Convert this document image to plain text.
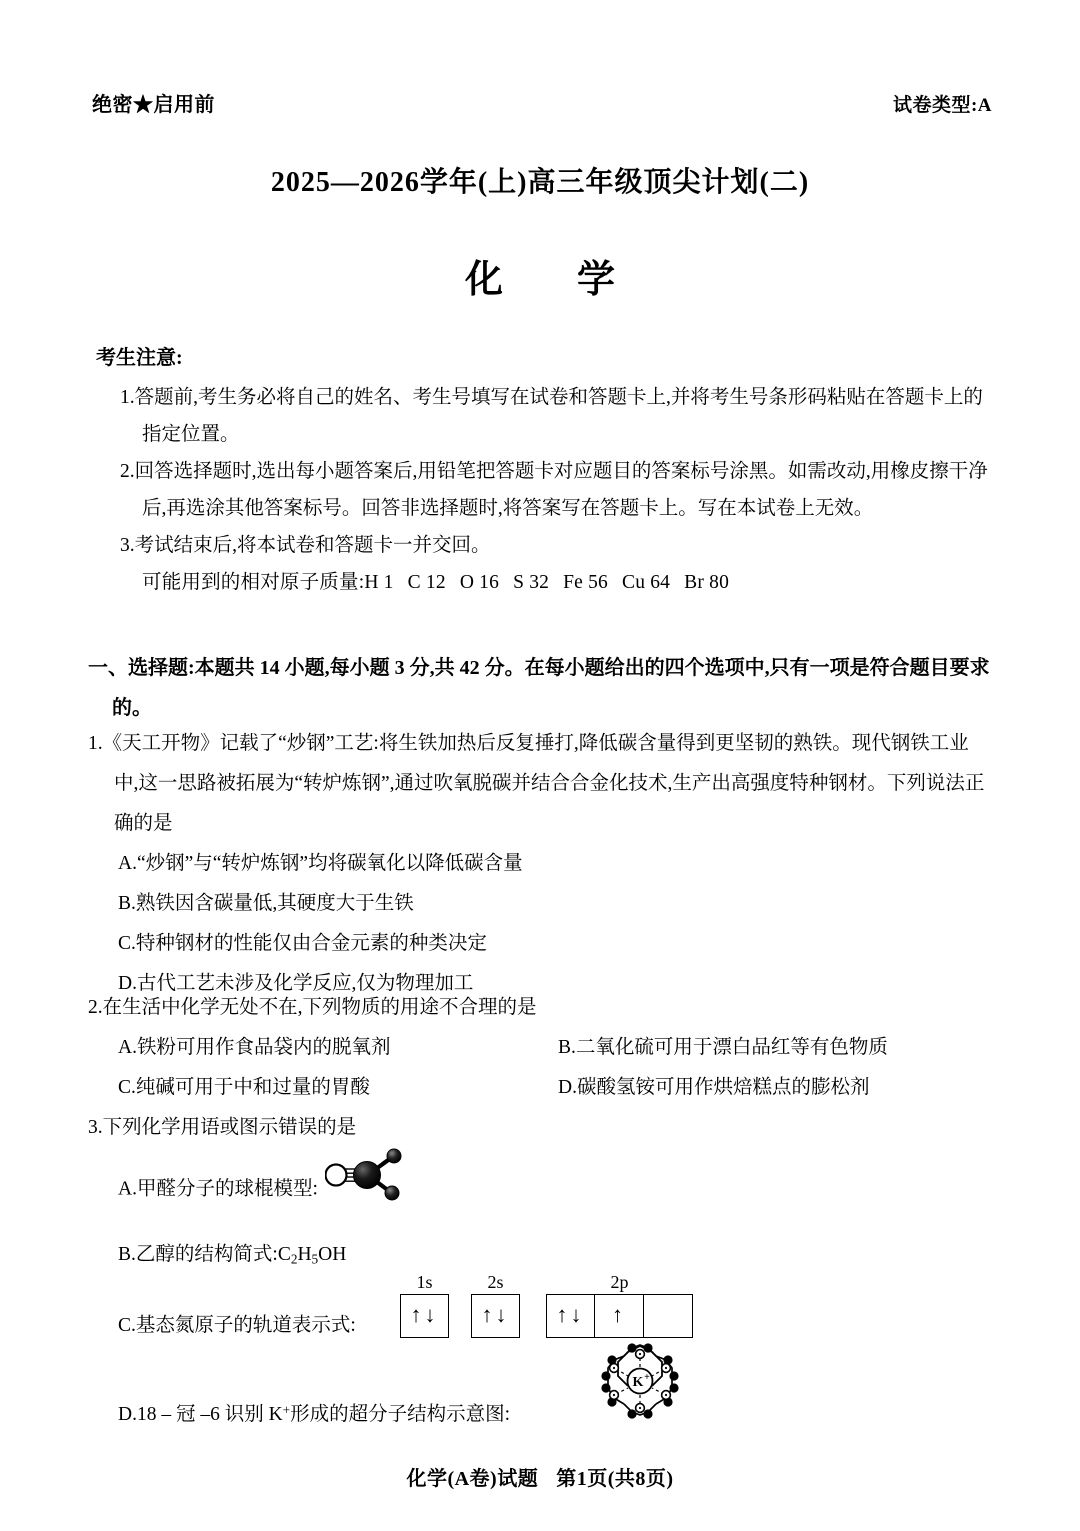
绝密★启用前	试卷类型:A
2025—2026学年(上)高三年级顶尖计划(二)
化　学
考生注意:

1.答题前,考生务必将自己的姓名、考生号填写在试卷和答题卡上,并将考生号条形码粘贴在答题卡上的指定位置。

2.回答选择题时,选出每小题答案后,用铅笔把答题卡对应题目的答案标号涂黑。如需改动,用橡皮擦干净后,再选涂其他答案标号。回答非选择题时,将答案写在答题卡上。写在本试卷上无效。

3.考试结束后,将本试卷和答题卡一并交回。

可能用到的相对原子质量:H 1 C 12 O 16 S 32 Fe 56 Cu 64 Br 80

一、选择题:本题共 14 小题,每小题 3 分,共 42 分。在每小题给出的四个选项中,只有一项是符合题目要求的。
1.《天工开物》记载了“炒钢”工艺:将生铁加热后反复捶打,降低碳含量得到更坚韧的熟铁。现代钢铁工业中,这一思路被拓展为“转炉炼钢”,通过吹氧脱碳并结合合金化技术,生产出高强度特种钢材。下列说法正确的是
A.“炒钢”与“转炉炼钢”均将碳氧化以降低碳含量
B.熟铁因含碳量低,其硬度大于生铁
C.特种钢材的性能仅由合金元素的种类决定
D.古代工艺未涉及化学反应,仅为物理加工
2.在生活中化学无处不在,下列物质的用途不合理的是
A.铁粉可用作食品袋内的脱氧剂	B.二氧化硫可用于漂白品红等有色物质
C.纯碱可用于中和过量的胃酸	D.碳酸氢铵可用作烘焙糕点的膨松剂
3.下列化学用语或图示错误的是
A.甲醛分子的球棍模型:
B.乙醇的结构简式$:C_2H_5OH$
C.基态氮原子的轨道表示式:
D.18 – 冠 –6 识别 K+形成的超分子结构示意图:
1s
↑↓
2s
↑↓
2p
↑↓ ↑
K +
化学(A卷)试题 第1页(共8页)
